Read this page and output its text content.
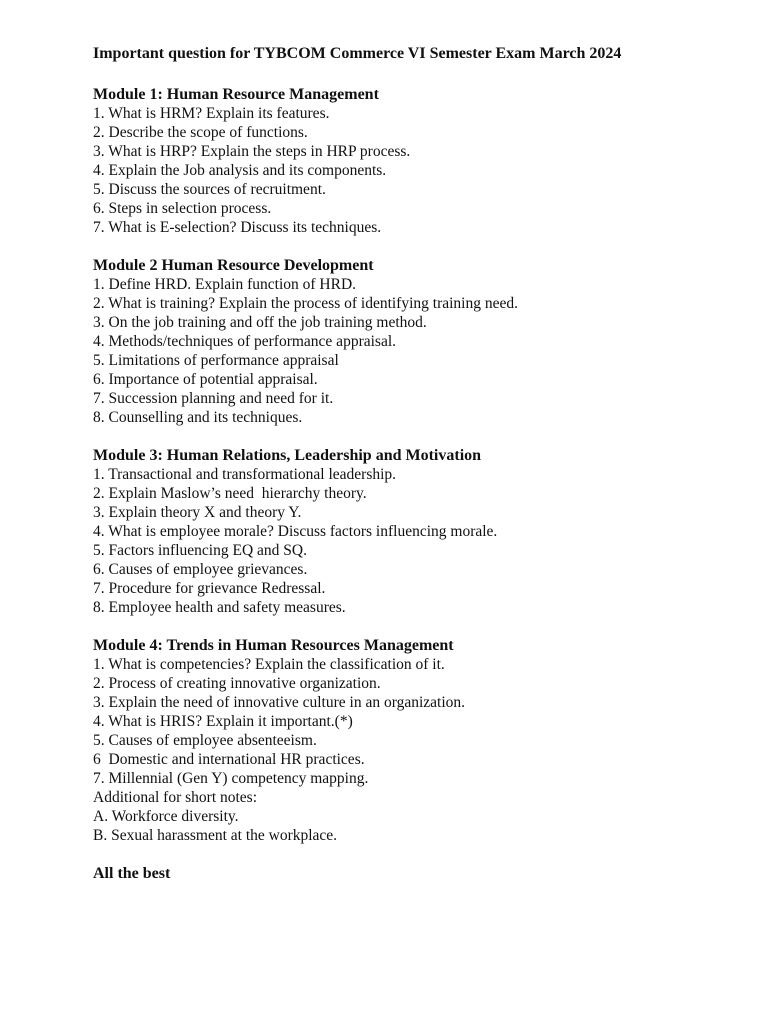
Important question for TYBCOM Commerce VI Semester Exam March 2024
Module 1: Human Resource Management
1. What is HRM? Explain its features.
2. Describe the scope of functions.
3. What is HRP? Explain the steps in HRP process.
4. Explain the Job analysis and its components.
5. Discuss the sources of recruitment.
6. Steps in selection process.
7. What is E-selection? Discuss its techniques.
Module 2 Human Resource Development
1. Define HRD. Explain function of HRD.
2. What is training? Explain the process of identifying training need.
3. On the job training and off the job training method.
4. Methods/techniques of performance appraisal.
5. Limitations of performance appraisal
6. Importance of potential appraisal.
7. Succession planning and need for it.
8. Counselling and its techniques.
Module 3: Human Relations, Leadership and Motivation
1. Transactional and transformational leadership.
2. Explain Maslow’s need  hierarchy theory.
3. Explain theory X and theory Y.
4. What is employee morale? Discuss factors influencing morale.
5. Factors influencing EQ and SQ.
6. Causes of employee grievances.
7. Procedure for grievance Redressal.
8. Employee health and safety measures.
Module 4: Trends in Human Resources Management
1. What is competencies? Explain the classification of it.
2. Process of creating innovative organization.
3. Explain the need of innovative culture in an organization.
4. What is HRIS? Explain it important.(*)
5. Causes of employee absenteeism.
6  Domestic and international HR practices.
7. Millennial (Gen Y) competency mapping.
Additional for short notes:
A. Workforce diversity.
B. Sexual harassment at the workplace.
All the best
